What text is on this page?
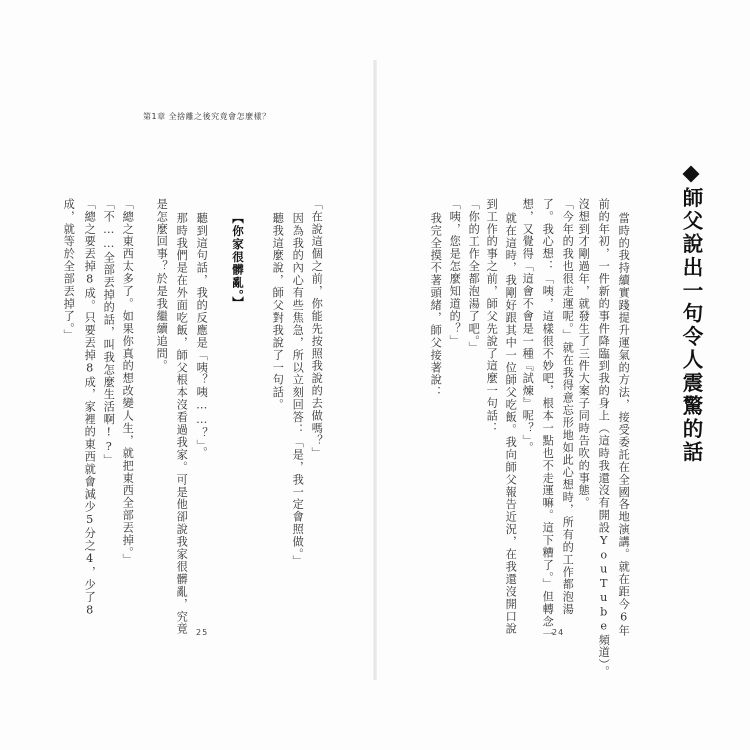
第1章 全捨離之後究竟會怎麼樣？
師父說出一句令人震驚的話
當時的我持續實踐提升運氣的方法，接受委託在全國各地演講。就在距今6年
前的年初，一件新的事件降臨到我的身上（這時我還沒有開設YouTube頻道）。
沒想到才剛過年，就發生了三件大案子同時告吹的事態。
「今年的我也很走運呢。」就在我得意忘形地如此心想時，所有的工作都泡湯
了。我心想：「咦，這樣很不妙吧，根本一點也不走運嘛。這下糟了。」但轉念一
想，又覺得「這會不會是一種『試煉』呢？」。
就在這時，我剛好跟其中一位師父吃飯。我向師父報告近況，在我還沒開口說
到工作的事之前，師父先說了這麼一句話：
「你的工作全都泡湯了吧。」
「咦，您是怎麼知道的？」
我完全摸不著頭緒，師父接著說：
「在說這個之前，你能先按照我說的去做嗎？」
因為我的內心有些焦急，所以立刻回答：「是，我一定會照做。」
聽我這麼說，師父對我說了一句話。
【你家很髒亂。】
聽到這句話，我的反應是「咦？咦……？」。
那時我們是在外面吃飯，師父根本沒看過我家。可是他卻說我家很髒亂，究竟
是怎麼回事？於是我繼續追問。
「總之東西太多了。如果你真的想改變人生，就把東西全部丟掉。」
「不……全部丟掉的話，叫我怎麼生活啊!?」
「總之要丟掉8成。只要丟掉8成，家裡的東西就會減少5分之4，少了8
成，就等於全部丟掉了。」
25	24
